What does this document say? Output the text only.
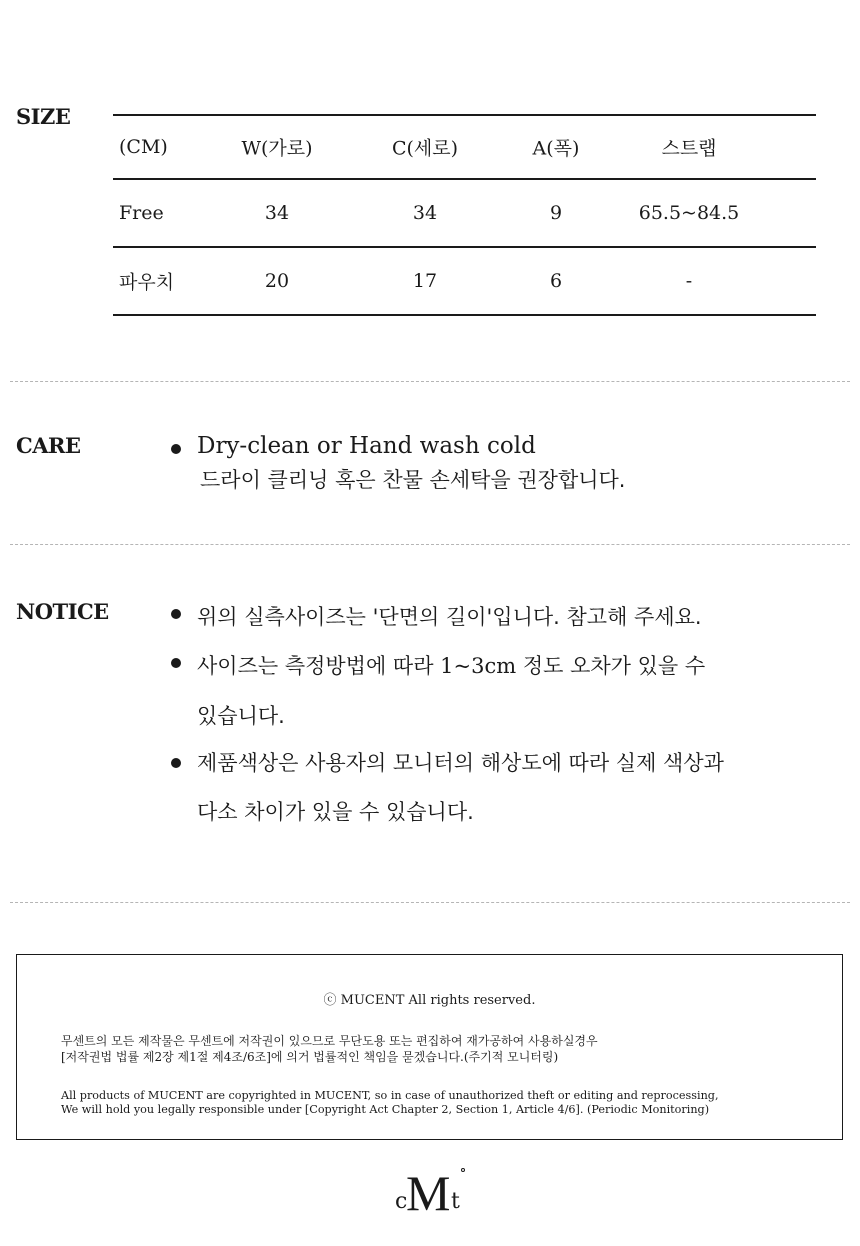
SIZE
(CM)	W(가로)	C(세로)	A(폭)	스트랩
Free	34	34	9	65.5~84.5
파우치	20	17	6	-
CARE	Dry-clean or Hand wash cold
드라이 클리닝 혹은 찬물 손세탁을 권장합니다.
NOTICE	위의 실측사이즈는 '단면의 길이'입니다. 참고해 주세요.
사이즈는 측정방법에 따라 1~3cm 정도 오차가 있을 수
있습니다.
제품색상은 사용자의 모니터의 해상도에 따라 실제 색상과
다소 차이가 있을 수 있습니다.
ⓒ MUCENT All rights reserved.
무센트의 모든 제작물은 무센트에 저작권이 있으므로 무단도용 또는 편집하여 재가공하여 사용하실경우
[저작권법 법률 제2장 제1절 제4조/6조]에 의거 법률적인 책임을 묻겠습니다.(주기적 모니터링)
All products of MUCENT are copyrighted in MUCENT, so in case of unauthorized theft or editing and reprocessing,
We will hold you legally responsible under [Copyright Act Chapter 2, Section 1, Article 4/6]. (Periodic Monitoring)
c
M t
